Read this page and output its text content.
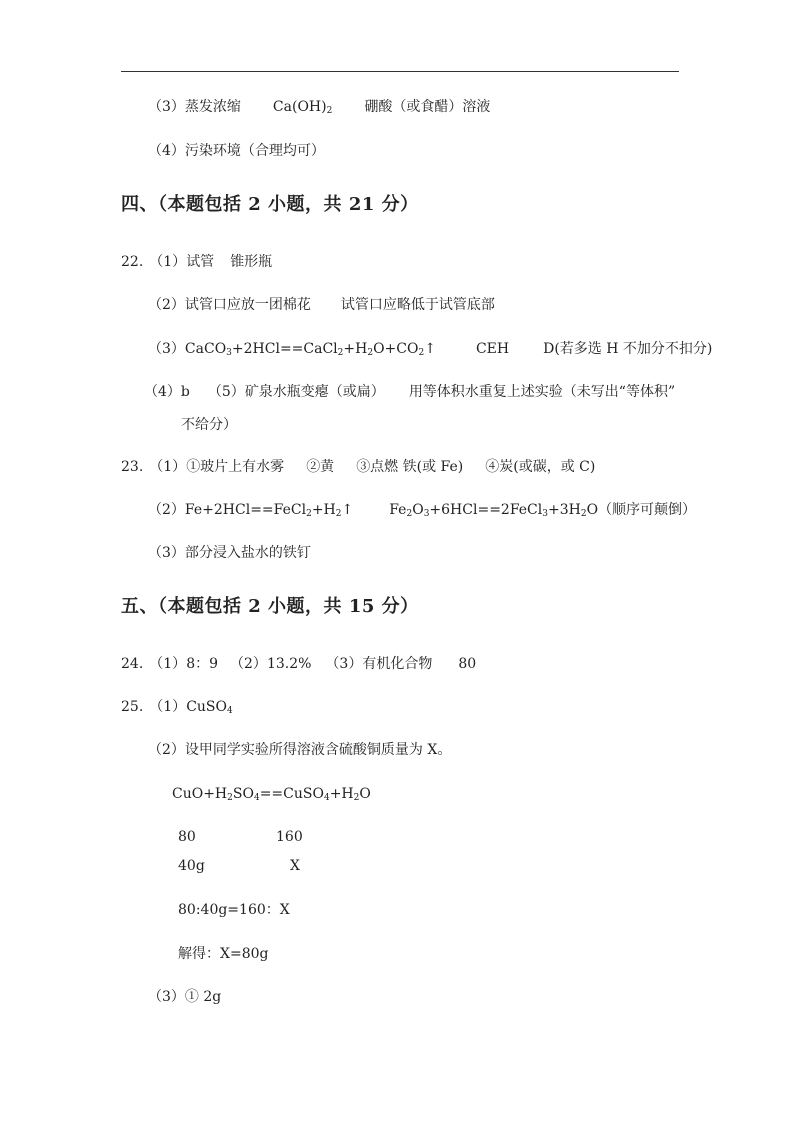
（3）蒸发浓缩 $Ca(OH)_2$ 硼酸（或食醋）溶液
（4）污染环境（合理均可）
四、（本题包括 2 小题，共 21 分）
22. （1）试管 锥形瓶
（2）试管口应放一团棉花 试管口应略低于试管底部
$(3)CaCO_3+2HCl==CaCl_2+H_2O+CO_2↑$	CEH D(若多选 H 不加分不扣分)
（4）b （5）矿泉水瓶变瘪（或扁） 用等体积水重复上述实验（未写出“等体积”
不给分）
23. （1）①玻片上有水雾 ②黄 ③点燃 铁(或 Fe) ④炭(或碳，或 C)
$(2)Fe+2HCl==FeCl_2+H_2↑$	$Fe_2O_3+6HCl==2FeCl_3+3H_2O$（顺序可颠倒）
（3）部分浸入盐水的铁钉
五、（本题包括 2 小题，共 15 分）
24. （1）8：9 （2）13.2% （3）有机化合物 80
25. （1）CuSO$_4$
（2）设甲同学实验所得溶液含硫酸铜质量为 X。
$CuO+H_2SO_4==CuSO_4+H_2O$
80	160
40g	X
80:40g=160：X
解得：X=80g
（3）① 2g
